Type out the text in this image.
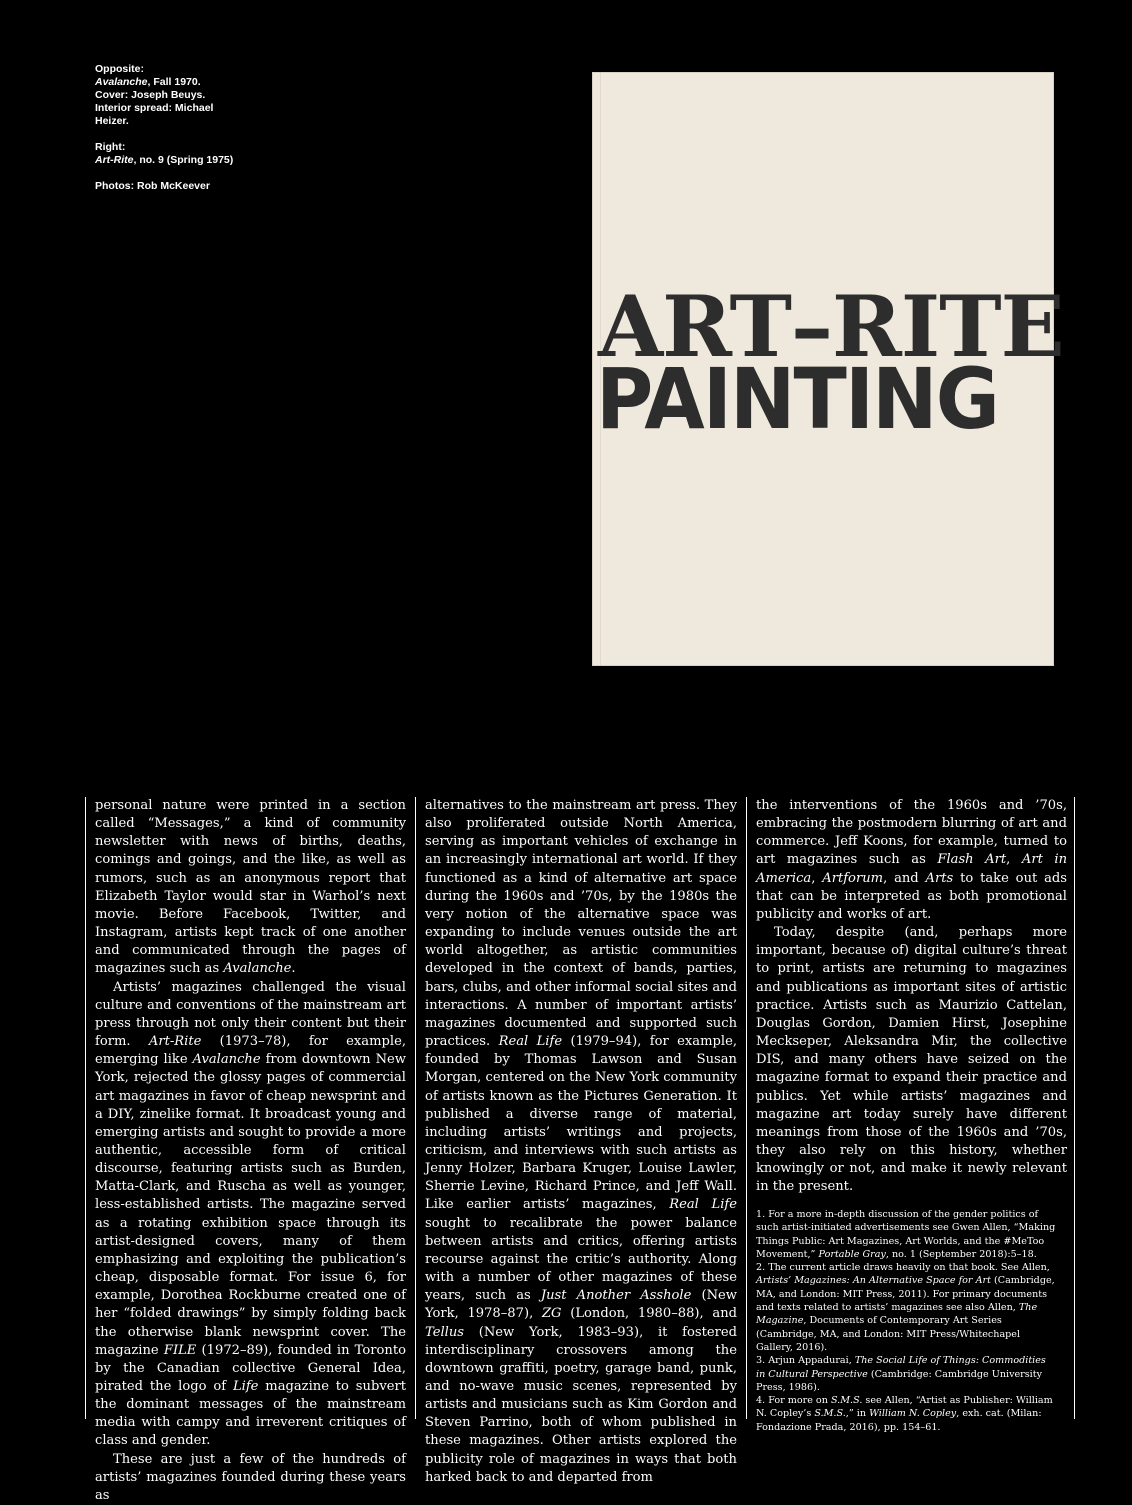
Opposite:
Avalanche, Fall 1970.
Cover: Joseph Beuys.
Interior spread: Michael
Heizer.

Right:
Art-Rite, no. 9 (Spring 1975)

Photos: Rob McKeever

ART–RITE
PAINTING

personal nature were printed in a section called “Messages,” a kind of community newsletter with news of births, deaths, comings and goings, and the like, as well as rumors, such as an anonymous report that Elizabeth Taylor would star in Warhol’s next movie. Before Facebook, Twitter, and Instagram, artists kept track of one another and communicated through the pages of magazines such as Avalanche.

Artists’ magazines challenged the visual culture and conventions of the mainstream art press through not only their content but their form. Art-Rite (1973–78), for example, emerging like Avalanche from downtown New York, rejected the glossy pages of commercial art magazines in favor of cheap newsprint and a DIY, zinelike format. It broadcast young and emerging artists and sought to provide a more authentic, accessible form of critical discourse, featuring artists such as Burden, Matta-Clark, and Ruscha as well as younger, less-established artists. The magazine served as a rotating exhibition space through its artist-designed covers, many of them emphasizing and exploiting the publication’s cheap, disposable format. For issue 6, for example, Dorothea Rockburne created one of her “folded drawings” by simply folding back the otherwise blank newsprint cover. The magazine FILE (1972–89), founded in Toronto by the Canadian collective General Idea, pirated the logo of Life magazine to subvert the dominant messages of the mainstream media with campy and irreverent critiques of class and gender.

These are just a few of the hundreds of artists’ magazines founded during these years as

alternatives to the mainstream art press. They also proliferated outside North America, serving as important vehicles of exchange in an increasingly international art world. If they functioned as a kind of alternative art space during the 1960s and ’70s, by the 1980s the very notion of the alternative space was expanding to include venues outside the art world altogether, as artistic communities developed in the context of bands, parties, bars, clubs, and other informal social sites and interactions. A number of important artists’ magazines documented and supported such practices. Real Life (1979–94), for example, founded by Thomas Lawson and Susan Morgan, centered on the New York community of artists known as the Pictures Generation. It published a diverse range of material, including artists’ writings and projects, criticism, and interviews with such artists as Jenny Holzer, Barbara Kruger, Louise Lawler, Sherrie Levine, Richard Prince, and Jeff Wall. Like earlier artists’ magazines, Real Life sought to recalibrate the power balance between artists and critics, offering artists recourse against the critic’s authority. Along with a number of other magazines of these years, such as Just Another Asshole (New York, 1978–87), ZG (London, 1980–88), and Tellus (New York, 1983–93), it fostered interdisciplinary crossovers among the downtown graffiti, poetry, garage band, punk, and no-wave music scenes, represented by artists and musicians such as Kim Gordon and Steven Parrino, both of whom published in these magazines. Other artists explored the publicity role of magazines in ways that both harked back to and departed from

the interventions of the 1960s and ’70s, embracing the postmodern blurring of art and commerce. Jeff Koons, for example, turned to art magazines such as Flash Art, Art in America, Artforum, and Arts to take out ads that can be interpreted as both promotional publicity and works of art.

Today, despite (and, perhaps more important, because of) digital culture’s threat to print, artists are returning to magazines and publications as important sites of artistic practice. Artists such as Maurizio Cattelan, Douglas Gordon, Damien Hirst, Josephine Meckseper, Aleksandra Mir, the collective DIS, and many others have seized on the magazine format to expand their practice and publics. Yet while artists’ magazines and magazine art today surely have different meanings from those of the 1960s and ’70s, they also rely on this history, whether knowingly or not, and make it newly relevant in the present.

1. For a more in-depth discussion of the gender politics of such artist-initiated advertisements see Gwen Allen, “Making Things Public: Art Magazines, Art Worlds, and the #MeToo Movement,” Portable Gray, no. 1 (September 2018):5–18.

2. The current article draws heavily on that book. See Allen, Artists’ Magazines: An Alternative Space for Art (Cambridge, MA, and London: MIT Press, 2011). For primary documents and texts related to artists’ magazines see also Allen, The Magazine, Documents of Contemporary Art Series (Cambridge, MA, and London: MIT Press/Whitechapel Gallery, 2016).

3. Arjun Appadurai, The Social Life of Things: Commodities in Cultural Perspective (Cambridge: Cambridge University Press, 1986).

4. For more on S.M.S. see Allen, “Artist as Publisher: William N. Copley’s S.M.S.,” in William N. Copley, exh. cat. (Milan: Fondazione Prada, 2016), pp. 154–61.
